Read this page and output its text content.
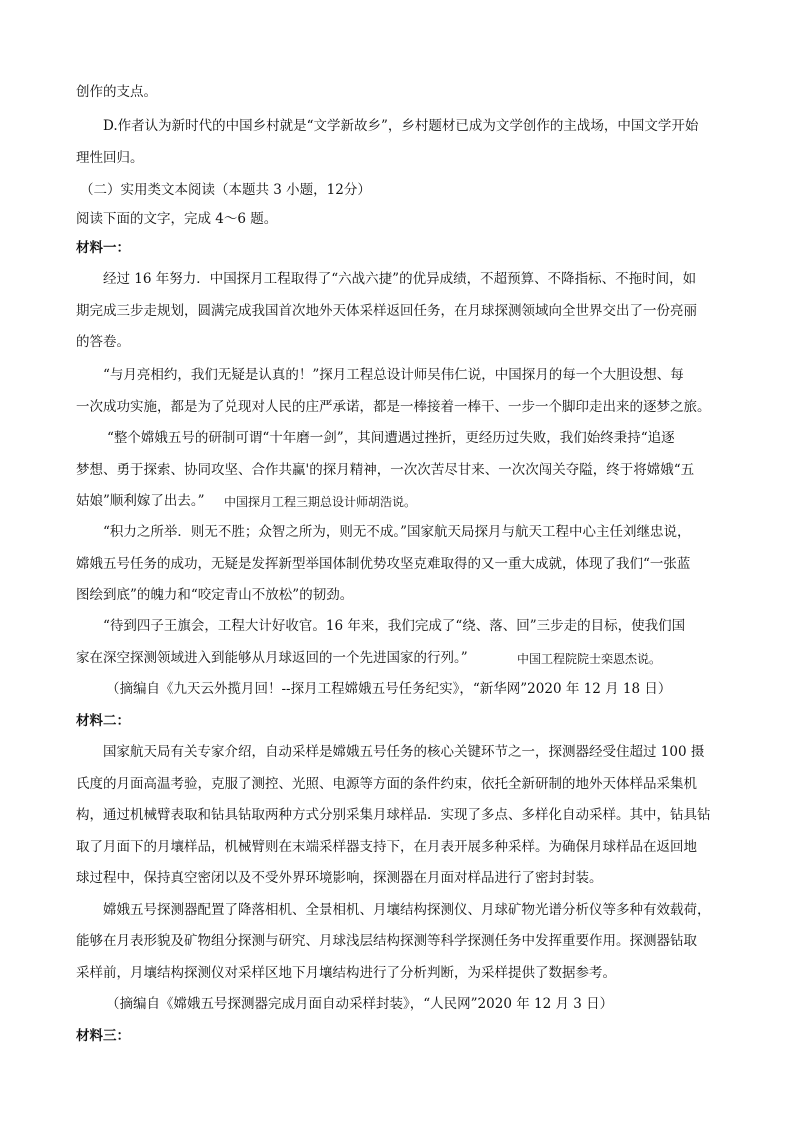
创作的支点。
D.作者认为新时代的中国乡村就是“文学新故乡”，乡村题材已成为文学创作的主战场，中国文学开始
理性回归。
（二）实用类文本阅读（本题共 3 小题，12分）
阅读下面的文字，完成 4～6 题。
材料一：
经过 16 年努力．中国探月工程取得了“六战六捷”的优异成绩，不超预算、不降指标、不拖时间，如
期完成三步走规划，圆满完成我国首次地外天体采样返回任务，在月球探测领域向全世界交出了一份亮丽
的答卷。
“与月亮相约，我们无疑是认真的！”探月工程总设计师吴伟仁说，中国探月的每一个大胆设想、每
一次成功实施，都是为了兑现对人民的庄严承诺，都是一棒接着一棒干、一步一个脚印走出来的逐梦之旅。
“整个嫦娥五号的研制可谓“十年磨一剑”，其间遭遇过挫折，更经历过失败，我们始终秉持“追逐
梦想、勇于探索、协同攻坚、合作共赢'的探月精神，一次次苦尽甘来、一次次闯关夺隘，终于将嫦娥“五
姑娘”顺利嫁了出去。”	中国探月工程三期总设计师胡浩说。
“积力之所举．则无不胜；众智之所为，则无不成。”国家航天局探月与航天工程中心主任刘继忠说，
嫦娥五号任务的成功，无疑是发挥新型举国体制优势攻坚克难取得的又一重大成就，体现了我们“一张蓝
图绘到底”的魄力和“咬定青山不放松”的韧劲。
“待到四子王旗会，工程大计好收官。16 年来，我们完成了“绕、落、回”三步走的目标，使我们国
家在深空探测领域进入到能够从月球返回的一个先进国家的行列。”	中国工程院院士栾恩杰说。
（摘编自《九天云外揽月回！--探月工程嫦娥五号任务纪实》，“新华网”2020 年 12 月 18 日）
材料二：
国家航天局有关专家介绍，自动采样是嫦娥五号任务的核心关键环节之一，探测器经受住超过 100 摄
氏度的月面高温考验，克服了测控、光照、电源等方面的条件约束，依托全新研制的地外天体样品采集机
构，通过机械臂表取和钻具钻取两种方式分别采集月球样品．实现了多点、多样化自动采样。其中，钻具钻
取了月面下的月壤样品，机械臂则在末端采样器支持下，在月表开展多种采样。为确保月球样品在返回地
球过程中，保持真空密闭以及不受外界环境影响，探测器在月面对样品进行了密封封装。
嫦娥五号探测器配置了降落相机、全景相机、月壤结构探测仪、月球矿物光谱分析仪等多种有效载荷，
能够在月表形貌及矿物组分探测与研究、月球浅层结构探测等科学探测任务中发挥重要作用。探测器钻取
采样前，月壤结构探测仪对采样区地下月壤结构进行了分析判断，为采样提供了数据参考。
（摘编自《嫦娥五号探测器完成月面自动采样封装》，“人民网”2020 年 12 月 3 日）
材料三：
